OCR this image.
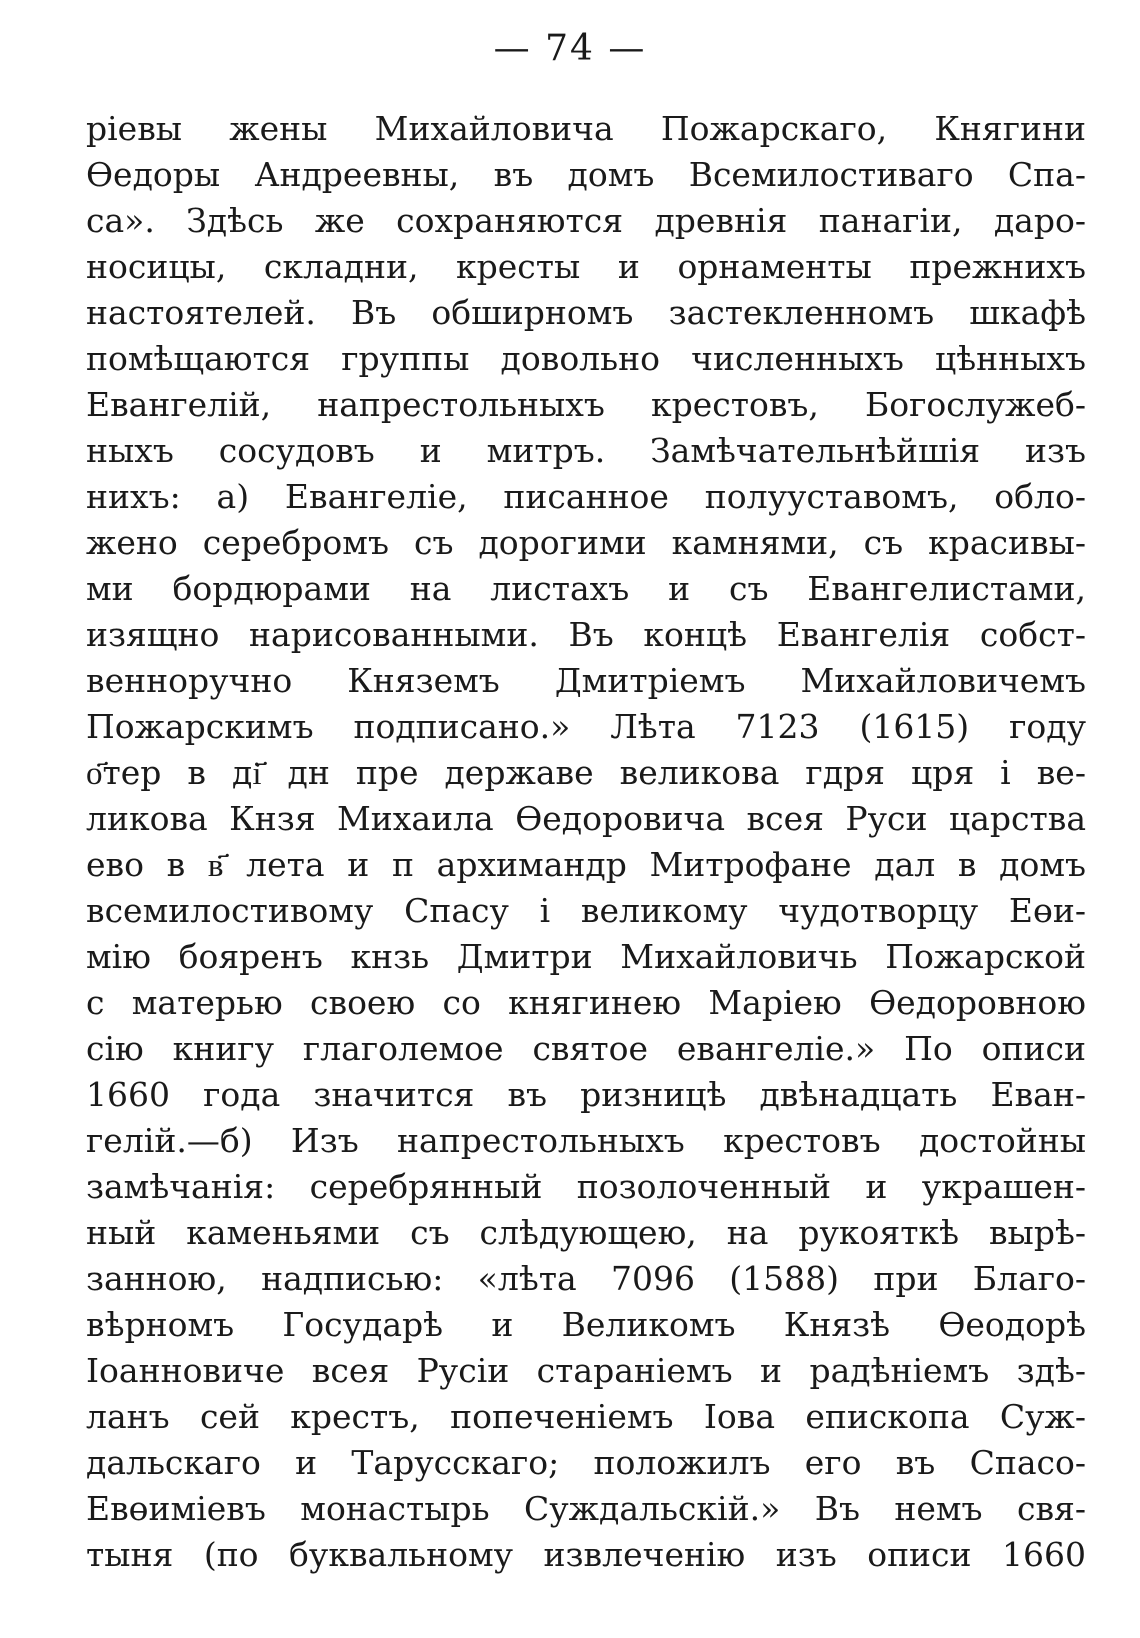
— 74 —
ріевы жены Михайловича Пожарскаго, Княгини
Өедоры Андреевны, въ домъ Всемилостиваго Спа-
са». Здѣсь же сохраняются древнія панагіи, даро-
носицы, складни, кресты и орнаменты прежнихъ
настоятелей. Въ обширномъ застекленномъ шкафѣ
помѣщаются группы довольно численныхъ цѣнныхъ
Евангелій, напрестольныхъ крестовъ, Богослужеб-
ныхъ сосудовъ и митръ. Замѣчательнѣйшія изъ
нихъ: а) Евангеліе, писанное полууставомъ, обло-
жено серебромъ съ дорогими камнями, съ красивы-
ми бордюрами на листахъ и съ Евангелистами,
изящно нарисованными. Въ концѣ Евангелія собст-
венноручно Княземъ Дмитріемъ Михайловичемъ
Пожарскимъ подписано.» Лѣта 7123 (1615) году
о҃тер в ді҃ дн пре державе великова гдря цря і ве-
ликова Кнзя Михаила Өедоровича всея Руси царства
ево в в҃ лета и п архимандр Митрофане дал в домъ
всемилостивому Спасу і великому чудотворцу Еөи-
мію бояренъ кнзь Дмитри Михайловичь Пожарской
с матерью своею со княгинею Маріею Өедоровною
сію книгу глаголемое святое евангеліе.» По описи
1660 года значится въ ризницѣ двѣнадцать Еван-
гелій.—б) Изъ напрестольныхъ крестовъ достойны
замѣчанія: серебрянный позолоченный и украшен-
ный каменьями съ слѣдующею, на рукояткѣ вырѣ-
занною, надписью: «лѣта 7096 (1588) при Благо-
вѣрномъ Государѣ и Великомъ Князѣ Өеодорѣ
Іоанновиче всея Русіи стараніемъ и радѣніемъ здѣ-
ланъ сей крестъ, попеченіемъ Іова епископа Суж-
дальскаго и Тарусскаго; положилъ его въ Спасо-
Евөиміевъ монастырь Суждальскій.» Въ немъ свя-
тыня (по буквальному извлеченію изъ описи 1660
